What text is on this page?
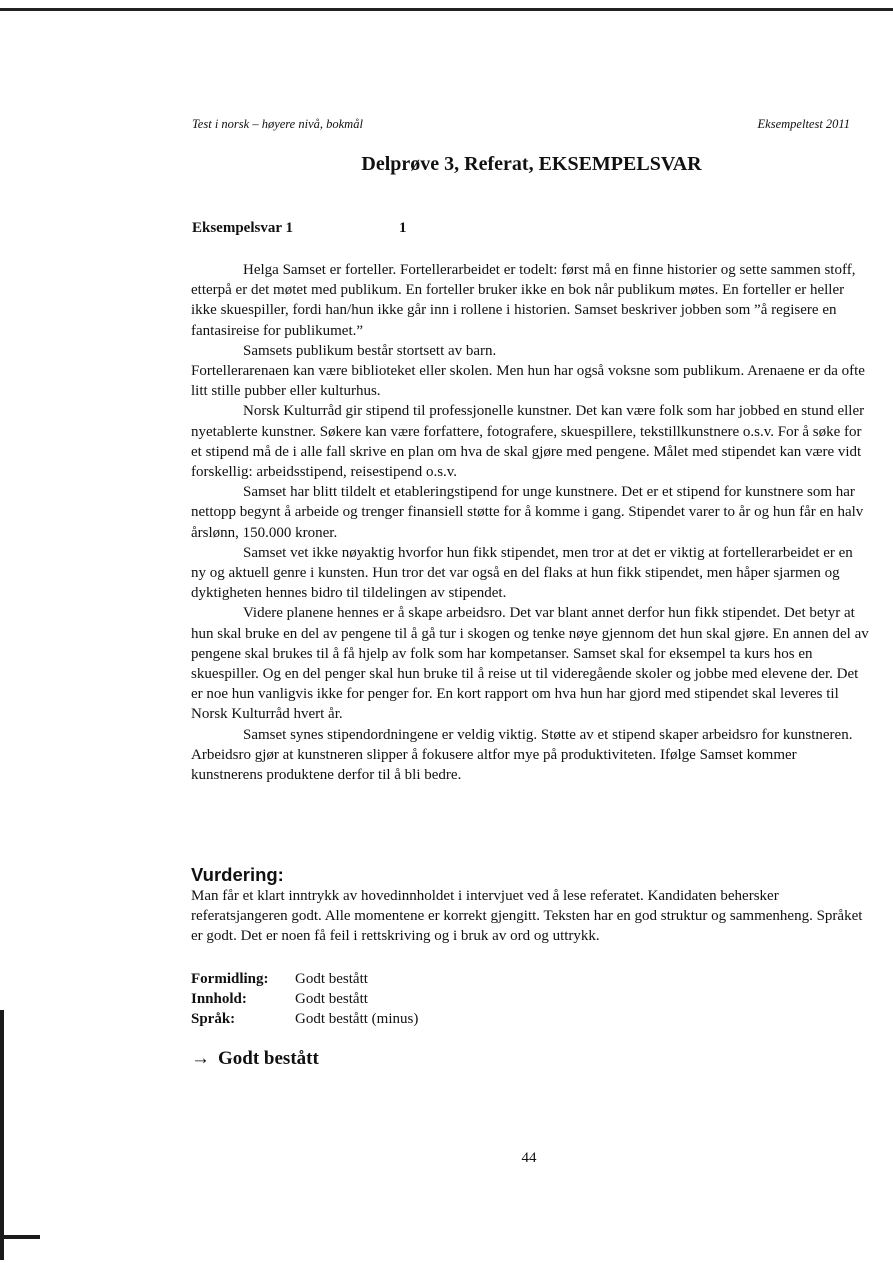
Test i norsk – høyere nivå, bokmål	Eksempeltest 2011
Delprøve 3, Referat, EKSEMPELSVAR
Eksempelsvar 1	1

Helga Samset er forteller. Fortellerarbeidet er todelt: først må en finne historier og sette sammen stoff, etterpå er det møtet med publikum. En forteller bruker ikke en bok når publikum møtes. En forteller er heller ikke skuespiller, fordi han/hun ikke går inn i rollene i historien. Samset beskriver jobben som ”å regisere en fantasireise for publikumet.”

Samsets publikum består stortsett av barn.

Fortellerarenaen kan være biblioteket eller skolen. Men hun har også voksne som publikum. Arenaene er da ofte litt stille pubber eller kulturhus.

Norsk Kulturråd gir stipend til professjonelle kunstner. Det kan være folk som har jobbed en stund eller nyetablerte kunstner. Søkere kan være forfattere, fotografere, skuespillere, tekstillkunstnere o.s.v. For å søke for et stipend må de i alle fall skrive en plan om hva de skal gjøre med pengene. Målet med stipendet kan være vidt forskellig: arbeidsstipend, reisestipend o.s.v.

Samset har blitt tildelt et etableringstipend for unge kunstnere. Det er et stipend for kunstnere som har nettopp begynt å arbeide og trenger finansiell støtte for å komme i gang. Stipendet varer to år og hun får en halv årslønn, 150.000 kroner.

Samset vet ikke nøyaktig hvorfor hun fikk stipendet, men tror at det er viktig at fortellerarbeidet er en ny og aktuell genre i kunsten. Hun tror det var også en del flaks at hun fikk stipendet, men håper sjarmen og dyktigheten hennes bidro til tildelingen av stipendet.

Videre planene hennes er å skape arbeidsro. Det var blant annet derfor hun fikk stipendet. Det betyr at hun skal bruke en del av pengene til å gå tur i skogen og tenke nøye gjennom det hun skal gjøre. En annen del av pengene skal brukes til å få hjelp av folk som har kompetanser. Samset skal for eksempel ta kurs hos en skuespiller. Og en del penger skal hun bruke til å reise ut til videregående skoler og jobbe med elevene der. Det er noe hun vanligvis ikke for penger for. En kort rapport om hva hun har gjord med stipendet skal leveres til Norsk Kulturråd hvert år.

Samset synes stipendordningene er veldig viktig. Støtte av et stipend skaper arbeidsro for kunstneren. Arbeidsro gjør at kunstneren slipper å fokusere altfor mye på produktiviteten. Ifølge Samset kommer kunstnerens produktene derfor til å bli bedre.

Vurdering:

Man får et klart inntrykk av hovedinnholdet i intervjuet ved å lese referatet. Kandidaten behersker referatsjangeren godt. Alle momentene er korrekt gjengitt. Teksten har en god struktur og sammenheng. Språket er godt. Det er noen få feil i rettskriving og i bruk av ord og uttrykk.

Formidling:	Godt bestått
Innhold:	Godt bestått
Språk:	Godt bestått (minus)
→ Godt bestått
44
